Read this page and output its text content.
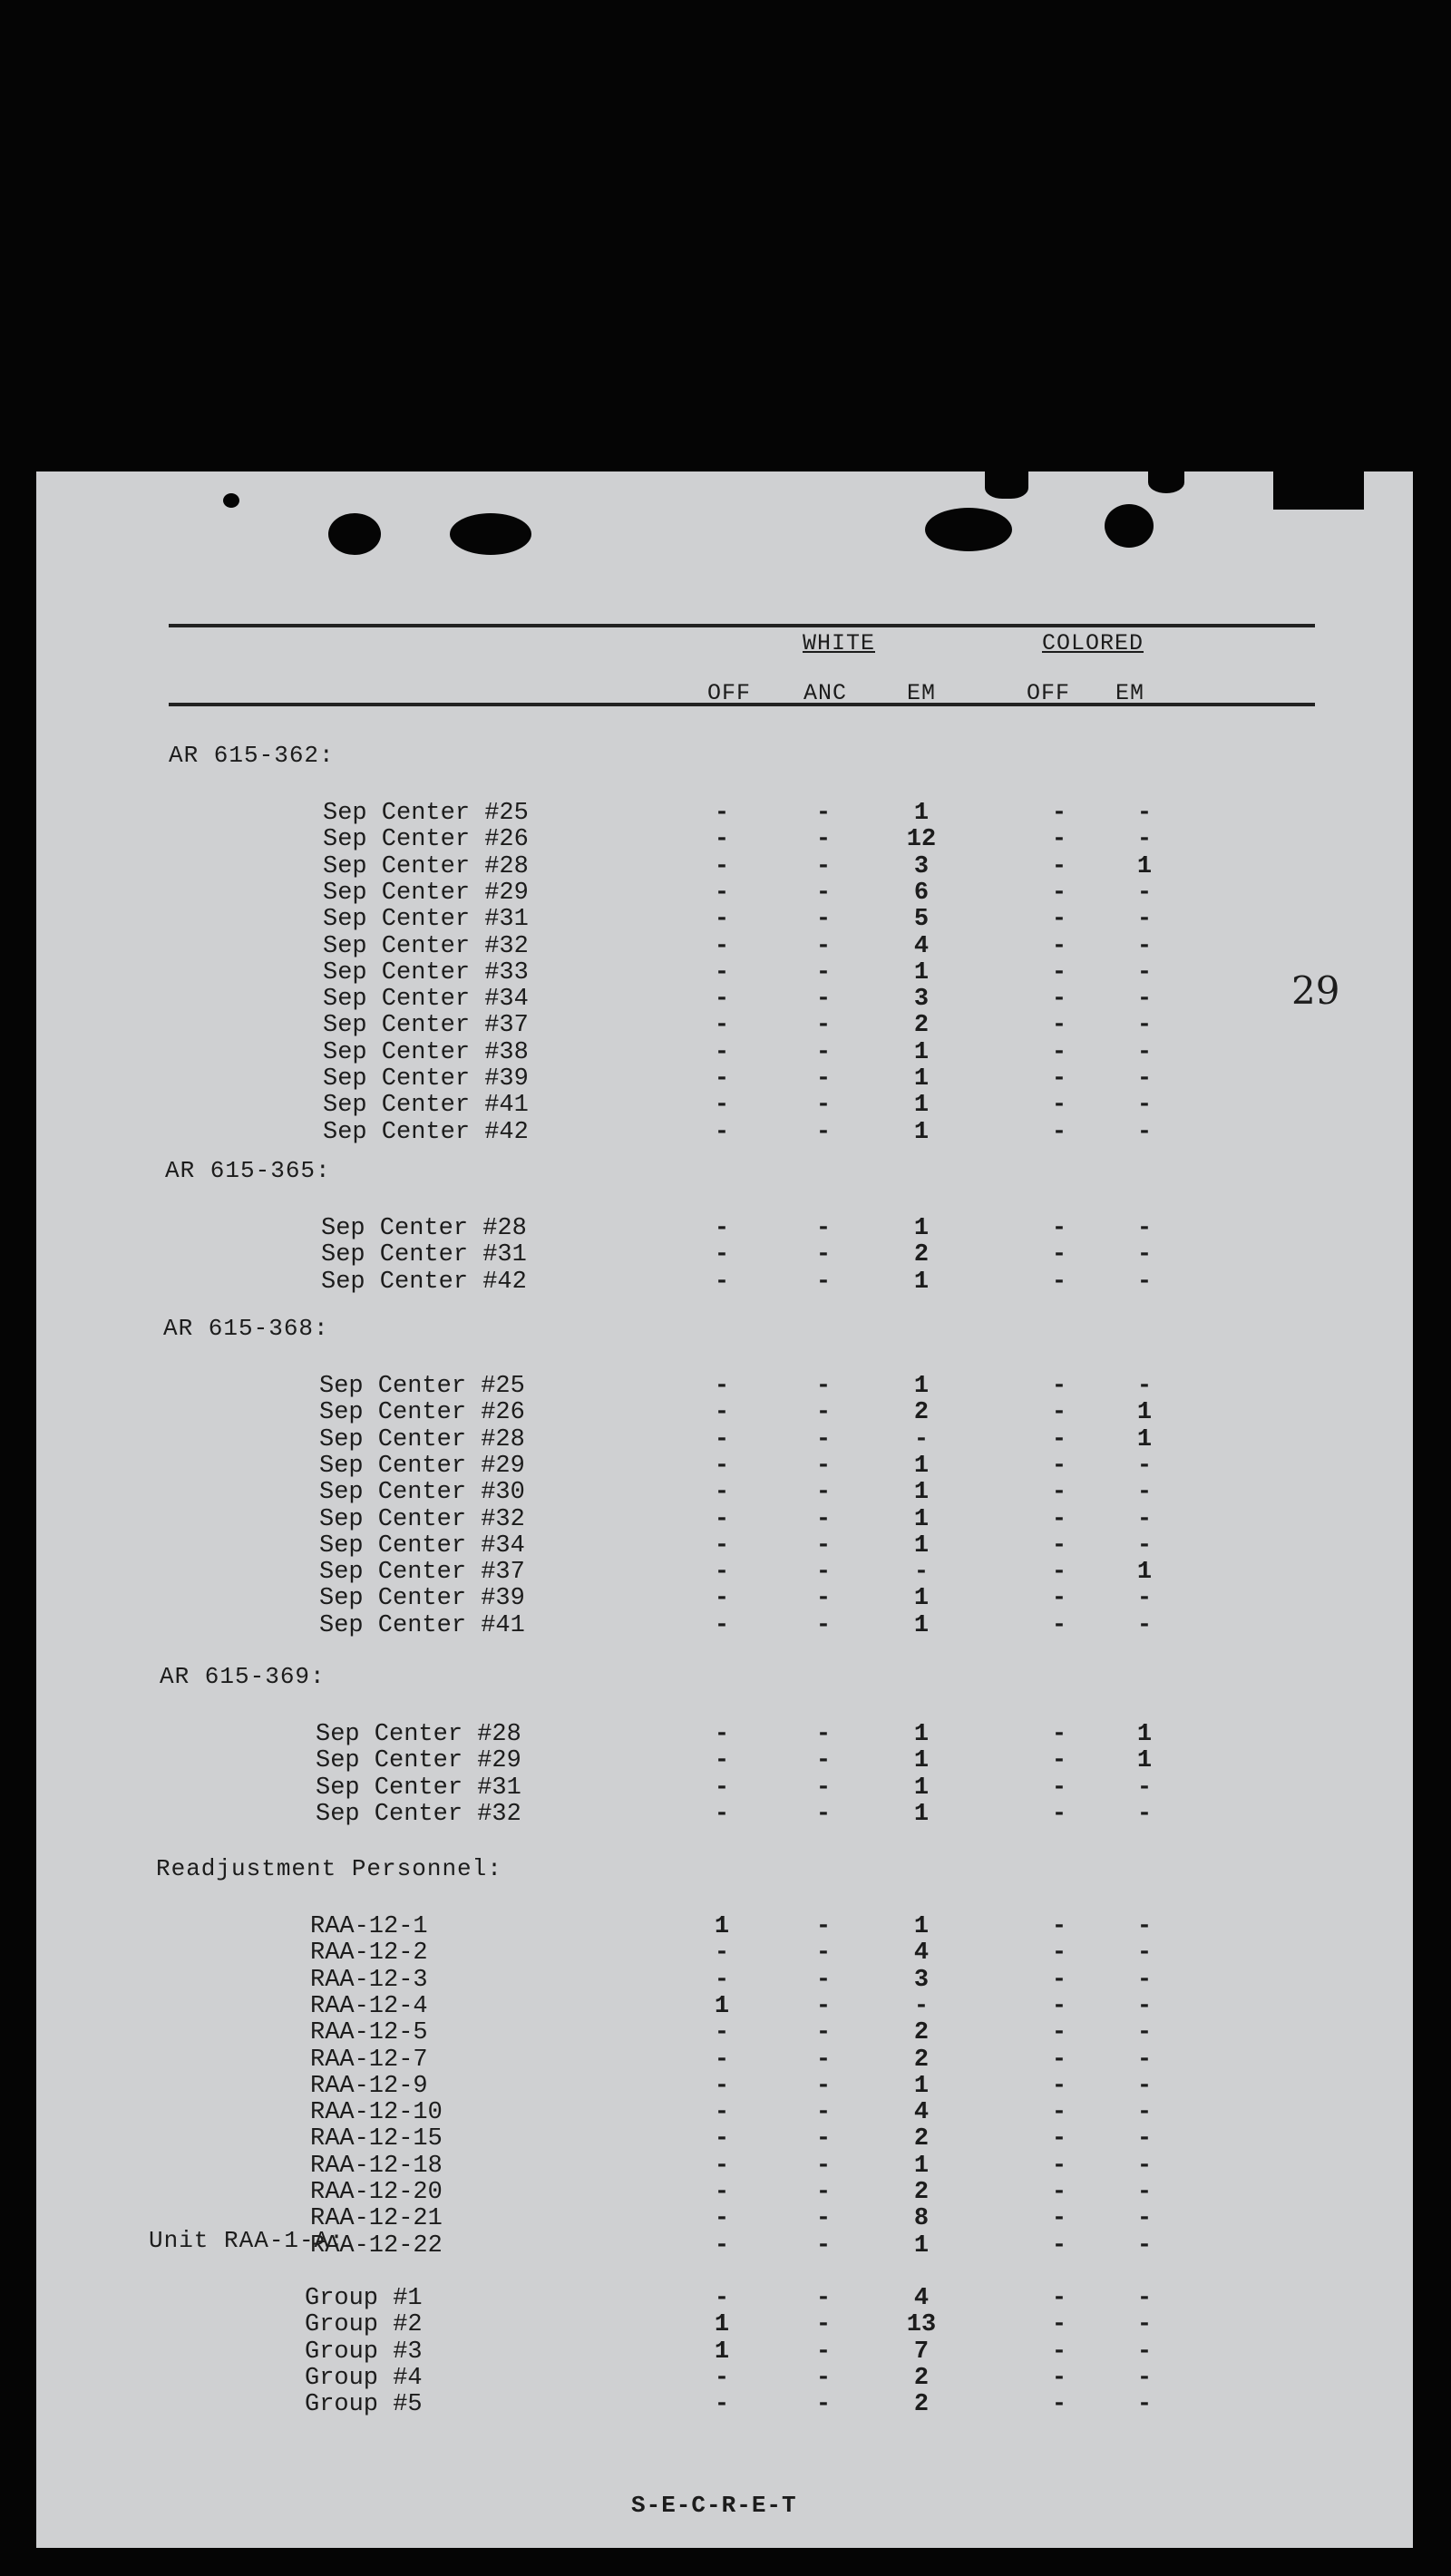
WHITE	COLORED
OFF	ANC	EM	OFF	EM
29
AR 615-362:
Sep Center #25	-	-	1	-	-
Sep Center #26	-	-	12	-	-
Sep Center #28	-	-	3	-	1
Sep Center #29	-	-	6	-	-
Sep Center #31	-	-	5	-	-
Sep Center #32	-	-	4	-	-
Sep Center #33	-	-	1	-	-
Sep Center #34	-	-	3	-	-
Sep Center #37	-	-	2	-	-
Sep Center #38	-	-	1	-	-
Sep Center #39	-	-	1	-	-
Sep Center #41	-	-	1	-	-
Sep Center #42	-	-	1	-	-
AR 615-365:
Sep Center #28	-	-	1	-	-
Sep Center #31	-	-	2	-	-
Sep Center #42	-	-	1	-	-
AR 615-368:
Sep Center #25	-	-	1	-	-
Sep Center #26	-	-	2	-	1
Sep Center #28	-	-	-	-	1
Sep Center #29	-	-	1	-	-
Sep Center #30	-	-	1	-	-
Sep Center #32	-	-	1	-	-
Sep Center #34	-	-	1	-	-
Sep Center #37	-	-	-	-	1
Sep Center #39	-	-	1	-	-
Sep Center #41	-	-	1	-	-
AR 615-369:
Sep Center #28	-	-	1	-	1
Sep Center #29	-	-	1	-	1
Sep Center #31	-	-	1	-	-
Sep Center #32	-	-	1	-	-
Readjustment Personnel:
RAA-12-1	1	-	1	-	-
RAA-12-2	-	-	4	-	-
RAA-12-3	-	-	3	-	-
RAA-12-4	1	-	-	-	-
RAA-12-5	-	-	2	-	-
RAA-12-7	-	-	2	-	-
RAA-12-9	-	-	1	-	-
RAA-12-10	-	-	4	-	-
RAA-12-15	-	-	2	-	-
RAA-12-18	-	-	1	-	-
RAA-12-20	-	-	2	-	-
RAA-12-21	-	-	8	-	-
RAA-12-22	-	-	1	-	-
Unit RAA-1-A:
Group #1	-	-	4	-	-
Group #2	1	-	13	-	-
Group #3	1	-	7	-	-
Group #4	-	-	2	-	-
Group #5	-	-	2	-	-
S-E-C-R-E-T
